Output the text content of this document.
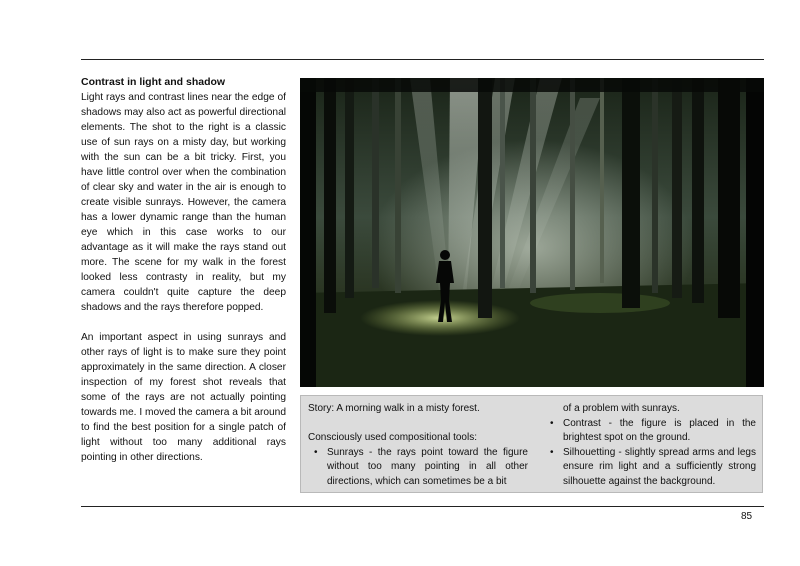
Contrast in light and shadow

Light rays and contrast lines near the edge of shadows may also act as powerful directional elements. The shot to the right is a classic use of sun rays on a misty day, but working with the sun can be a bit tricky. First, you have little control over when the combination of clear sky and water in the air is enough to create visible sunrays. However, the camera has a lower dynamic range than the human eye which in this case works to our advantage as it will make the rays stand out more. The scene for my walk in the forest looked less contrasty in reality, but my camera couldn't quite capture the deep shadows and the rays therefore popped.

An important aspect in using sunrays and other rays of light is to make sure they point approximately in the same direction. A closer inspection of my forest shot reveals that some of the rays are not actually pointing towards me. I moved the camera a bit around to find the best position for a single patch of light without too many additional rays pointing in other directions.

Story: A morning walk in a misty forest.

Consciously used compositional tools:

• Sunrays - the rays point toward the figure without too many pointing in all other directions, which can sometimes be a bit

of a problem with sunrays.

• Contrast - the figure is placed in the brightest spot on the ground.
• Silhouetting - slightly spread arms and legs ensure rim light and a sufficiently strong silhouette against the background.
85
